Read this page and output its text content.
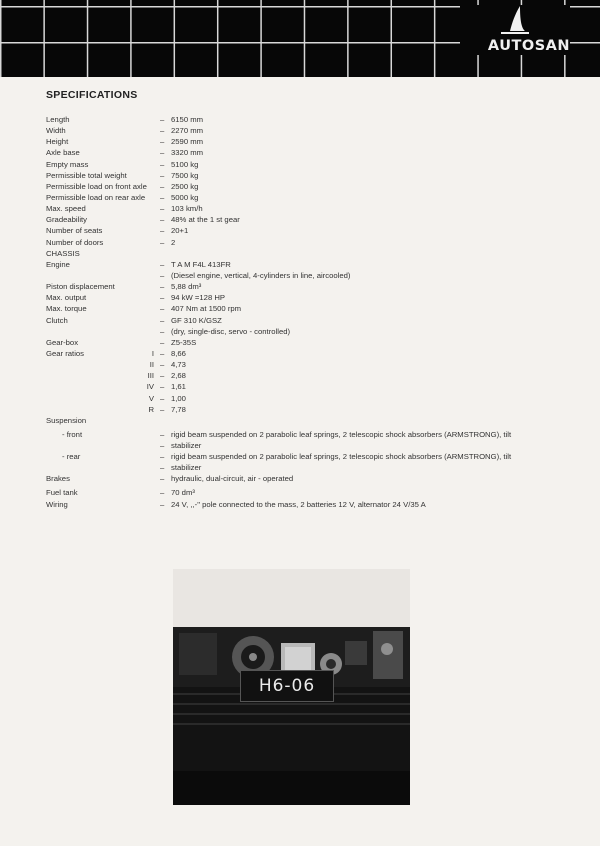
AUTOSAN
SPECIFICATIONS
Length	– 6150 mm
Width	– 2270 mm
Height	– 2590 mm
Axle base	– 3320 mm
Empty mass	– 5100 kg
Permissible total weight	– 7500 kg
Permissible load on front axle – 2500 kg
Permissible load on rear axle – 5000 kg
Max. speed	– 103 km/h
Gradeability	– 48% at the 1 st gear
Number of seats	– 20+1
Number of doors	– 2
CHASSIS
Engine	– T A M F4L 413FR
– (Diesel engine, vertical, 4-cylinders in line, aircooled)
Piston displacement	– 5,88 dm³
Max. output	– 94 kW =128 HP
Max. torque	– 407 Nm at 1500 rpm
Clutch	– GF 310 K/GSZ
– (dry, single-disc, servo - controlled)
Gear-box	– Z5-35S
Gear ratios	I – 8,66
II – 4,73
III – 2,68
IV – 1,61
V – 1,00
R – 7,78
Suspension
- front	– rigid beam suspended on 2 parabolic leaf springs, 2 telescopic shock absorbers (ARMSTRONG), tilt
– stabilizer
- rear	– rigid beam suspended on 2 parabolic leaf springs, 2 telescopic shock absorbers (ARMSTRONG), tilt
– stabilizer
Brakes	– hydraulic, dual-circuit, air - operated
Fuel tank	– 70 dm³
Wiring	– 24 V, ,,-" pole connected to the mass, 2 batteries 12 V, alternator 24 V/35 A
H6-06
